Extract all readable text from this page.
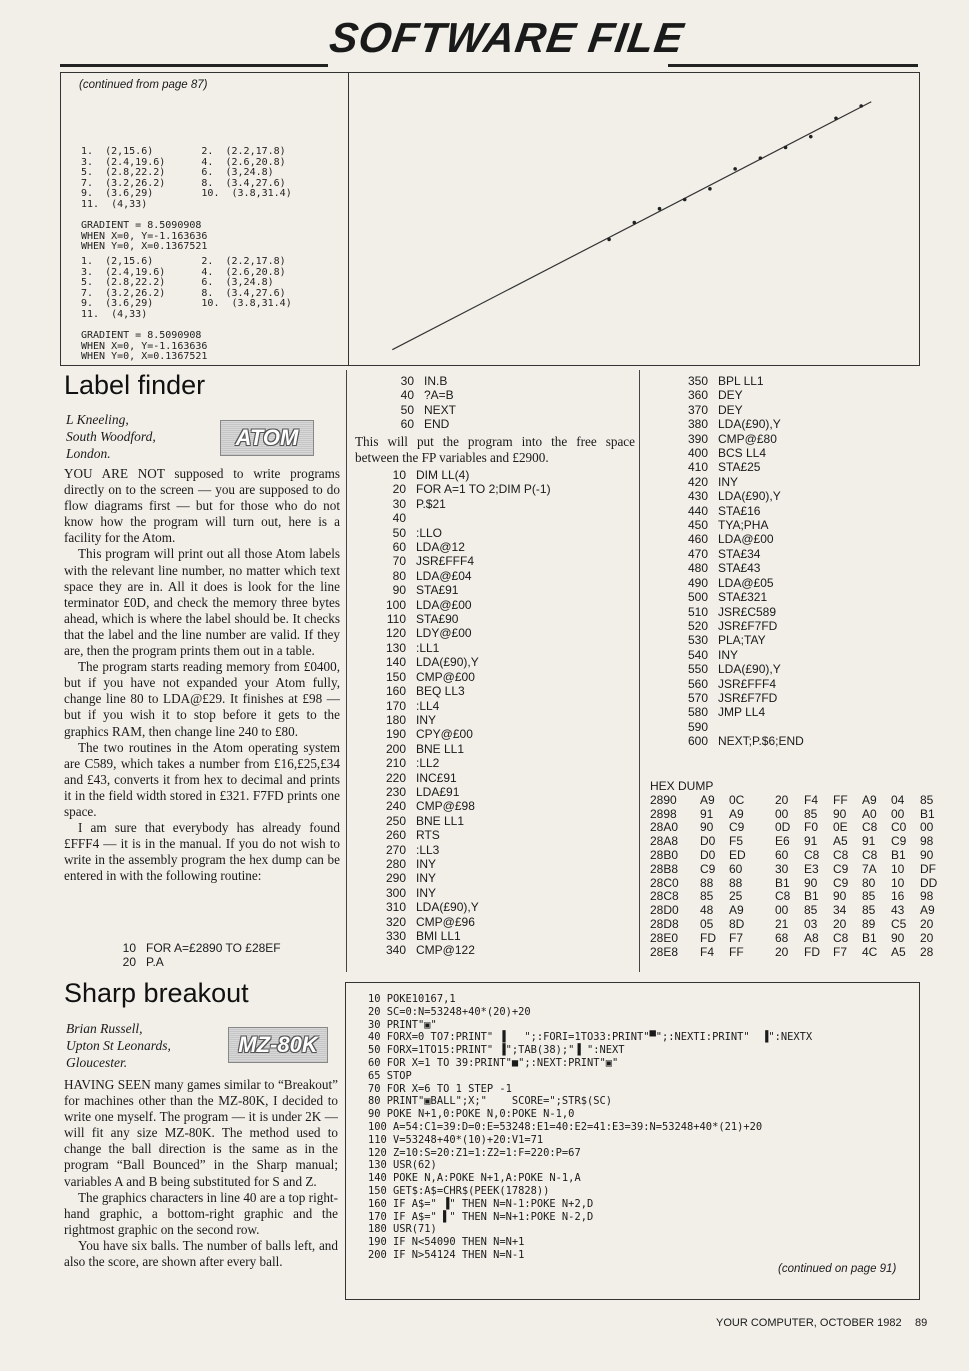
SOFTWARE FILE
(continued from page 87)
1.  (2,15.6)        2.  (2.2,17.8)
3.  (2.4,19.6)      4.  (2.6,20.8)
5.  (2.8,22.2)      6.  (3,24.8)
7.  (3.2,26.2)      8.  (3.4,27.6)
9.  (3.6,29)        10.  (3.8,31.4)
11.  (4,33)
GRADIENT = 8.5090908
WHEN X=0, Y=-1.163636
WHEN Y=0, X=0.1367521
1.  (2,15.6)        2.  (2.2,17.8)
3.  (2.4,19.6)      4.  (2.6,20.8)
5.  (2.8,22.2)      6.  (3,24.8)
7.  (3.2,26.2)      8.  (3.4,27.6)
9.  (3.6,29)        10.  (3.8,31.4)
11.  (4,33)
GRADIENT = 8.5090908
WHEN X=0, Y=-1.163636
WHEN Y=0, X=0.1367521
Label finder
L Kneeling,
South Woodford,
London.
ATOM

YOU ARE NOT supposed to write programs directly on to the screen — you are supposed to do flow diagrams first — but for those who do not know how the program will turn out, here is a facility for the Atom.

This program will print out all those Atom labels with the relevant line number, no matter which text space they are in. All it does is look for the line terminator £0D, and check the memory three bytes ahead, which is where the label should be. It checks that the label and the line number are valid. If they are, then the program prints them out in a table.

The program starts reading memory from £0400, but if you have not expanded your Atom fully, change line 80 to LDA@£29. It finishes at £98 — but if you wish it to stop before it gets to the graphics RAM, then change line 240 to £80.

The two routines in the Atom operating system are C589, which takes a number from £16,£25,£34 and £43, converts it from hex to decimal and prints it in the field width stored in £321. F7FD prints one space.

I am sure that everybody has already found £FFF4 — it is in the manual. If you do not wish to write in the assembly program the hex dump can be entered in with the following routine:

10 FOR A=£2890 TO £28EF
20 P.A
30 IN.B
40 ?A=B
50 NEXT
60 END

This will put the program into the free space between the FP variables and £2900.

10 DIM LL(4)
20 FOR A=1 TO 2;DIM P(-1)
30 P.$21
40
50 :LLO
60 LDA@12
70 JSR£FFF4
80 LDA@£04
90 STA£91
100 LDA@£00
110 STA£90
120 LDY@£00
130 :LL1
140 LDA(£90),Y
150 CMP@£00
160 BEQ LL3
170 :LL4
180 INY
190 CPY@£00
200 BNE LL1
210 :LL2
220 INC£91
230 LDA£91
240 CMP@£98
250 BNE LL1
260 RTS
270 :LL3
280 INY
290 INY
300 INY
310 LDA(£90),Y
320 CMP@£96
330 BMI LL1
340 CMP@122
350 BPL LL1
360 DEY
370 DEY
380 LDA(£90),Y
390 CMP@£80
400 BCS LL4
410 STA£25
420 INY
430 LDA(£90),Y
440 STA£16
450 TYA;PHA
460 LDA@£00
470 STA£34
480 STA£43
490 LDA@£05
500 STA£321
510 JSR£C589
520 JSR£F7FD
530 PLA;TAY
540 INY
550 LDA(£90),Y
560 JSR£FFF4
570 JSR£F7FD
580 JMP LL4
590
600 NEXT;P.$6;END
HEX DUMP
2890	A9	0C	20	F4	FF	A9	04	85
2898	91	A9	00	85	90	A0	00	B1
28A0	90	C9	0D	F0	0E	C8	C0	00
28A8	D0	F5	E6	91	A5	91	C9	98
28B0	D0	ED	60	C8	C8	C8	B1	90
28B8	C9	60	30	E3	C9	7A	10	DF
28C0	88	88	B1	90	C9	80	10	DD
28C8	85	25	C8	B1	90	85	16	98
28D0	48	A9	00	85	34	85	43	A9
28D8	05	8D	21	03	20	89	C5	20
28E0	FD	F7	68	A8	C8	B1	90	20
28E8	F4	FF	20	FD	F7	4C	A5	28
Sharp breakout
Brian Russell,
Upton St Leonards,
Gloucester.
MZ-80K

HAVING SEEN many games similar to “Breakout” for machines other than the MZ-80K, I decided to write one myself. The program — it is under 2K — will fit any size MZ-80K. The method used to change the ball direction is the same as in the program “Ball Bounced” in the Sharp manual; variables A and B being substituted for S and Z.

The graphics characters in line 40 are a top right-hand graphic, a bottom-right graphic and the rightmost graphic on the second row.

You have six balls. The number of balls left, and also the score, are shown after every ball.

10 POKE10167,1
20 SC=0:N=53248+40*(20)+20
30 PRINT"▣"
40 FORX=0 TO7:PRINT" ▐   ";:FORI=1TO33:PRINT"▀";:NEXTI:PRINT"  ▐":NEXTX
50 FORX=1TO15:PRINT" ▐";TAB(38);"▐ ":NEXT
60 FOR X=1 TO 39:PRINT"■";:NEXT:PRINT"▣"
65 STOP
70 FOR X=6 TO 1 STEP -1
80 PRINT"▣BALL";X;"    SCORE=";STR$(SC)
90 POKE N+1,0:POKE N,0:POKE N-1,0
100 A=54:C1=39:D=0:E=53248:E1=40:E2=41:E3=39:N=53248+40*(21)+20
110 V=53248+40*(10)+20:V1=71
120 Z=10:S=20:Z1=1:Z2=1:F=220:P=67
130 USR(62)
140 POKE N,A:POKE N+1,A:POKE N-1,A
150 GET$:A$=CHR$(PEEK(17828))
160 IF A$=" ▐" THEN N=N-1:POKE N+2,D
170 IF A$=" ▌" THEN N=N+1:POKE N-2,D
180 USR(71)
190 IF N<54090 THEN N=N+1
200 IF N>54124 THEN N=N-1
(continued on page 91)
YOUR COMPUTER, OCTOBER 1982 89
